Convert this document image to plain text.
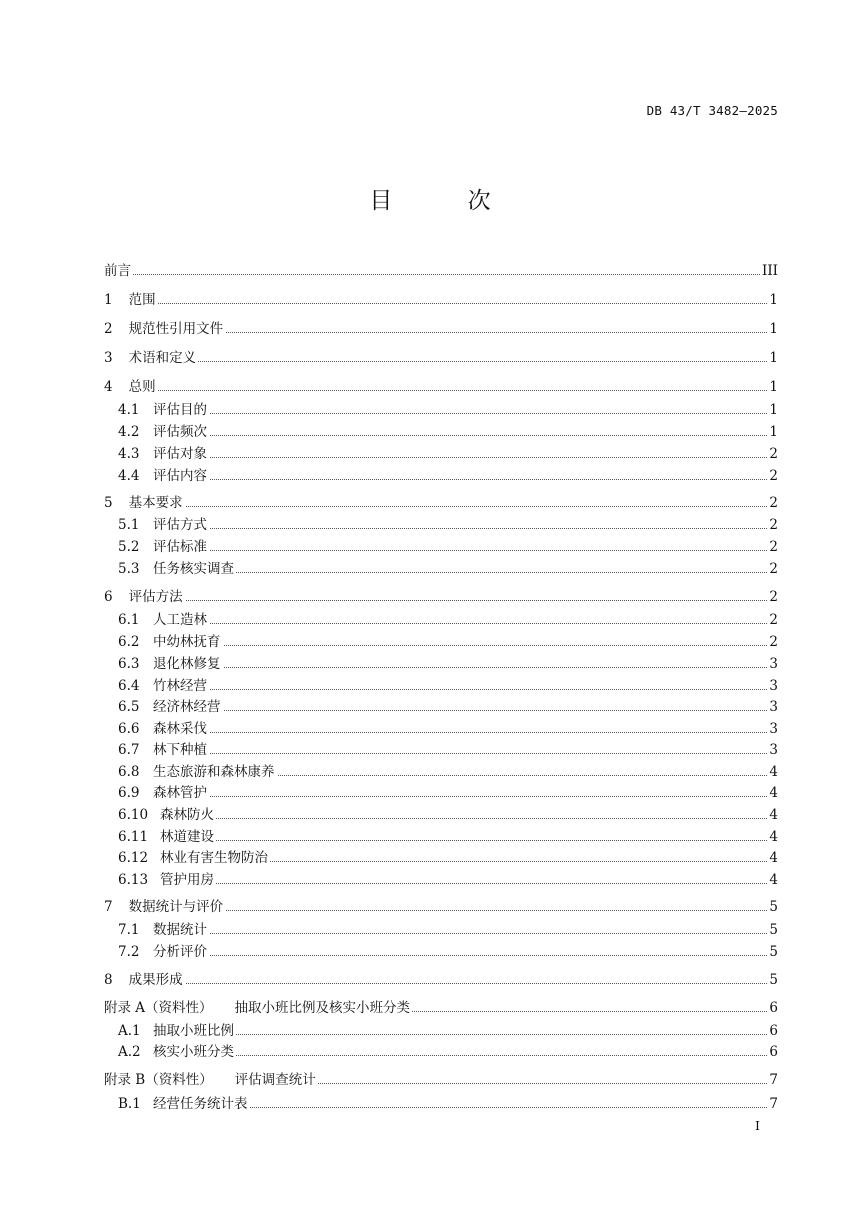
DB 43/T 3482—2025
目 次
前言	III
1 范围	1
2 规范性引用文件	1
3 术语和定义	1
4 总则	1
4.1 评估目的	1
4.2 评估频次	1
4.3 评估对象	2
4.4 评估内容	2
5 基本要求	2
5.1 评估方式	2
5.2 评估标准	2
5.3 任务核实调查	2
6 评估方法	2
6.1 人工造林	2
6.2 中幼林抚育	2
6.3 退化林修复	3
6.4 竹林经营	3
6.5 经济林经营	3
6.6 森林采伐	3
6.7 林下种植	3
6.8 生态旅游和森林康养	4
6.9 森林管护	4
6.10 森林防火	4
6.11 林道建设	4
6.12 林业有害生物防治	4
6.13 管护用房	4
7 数据统计与评价	5
7.1 数据统计	5
7.2 分析评价	5
8 成果形成	5
附录 A（资料性） 抽取小班比例及核实小班分类	6
A.1 抽取小班比例	6
A.2 核实小班分类	6
附录 B（资料性） 评估调查统计	7
B.1 经营任务统计表	7
I
